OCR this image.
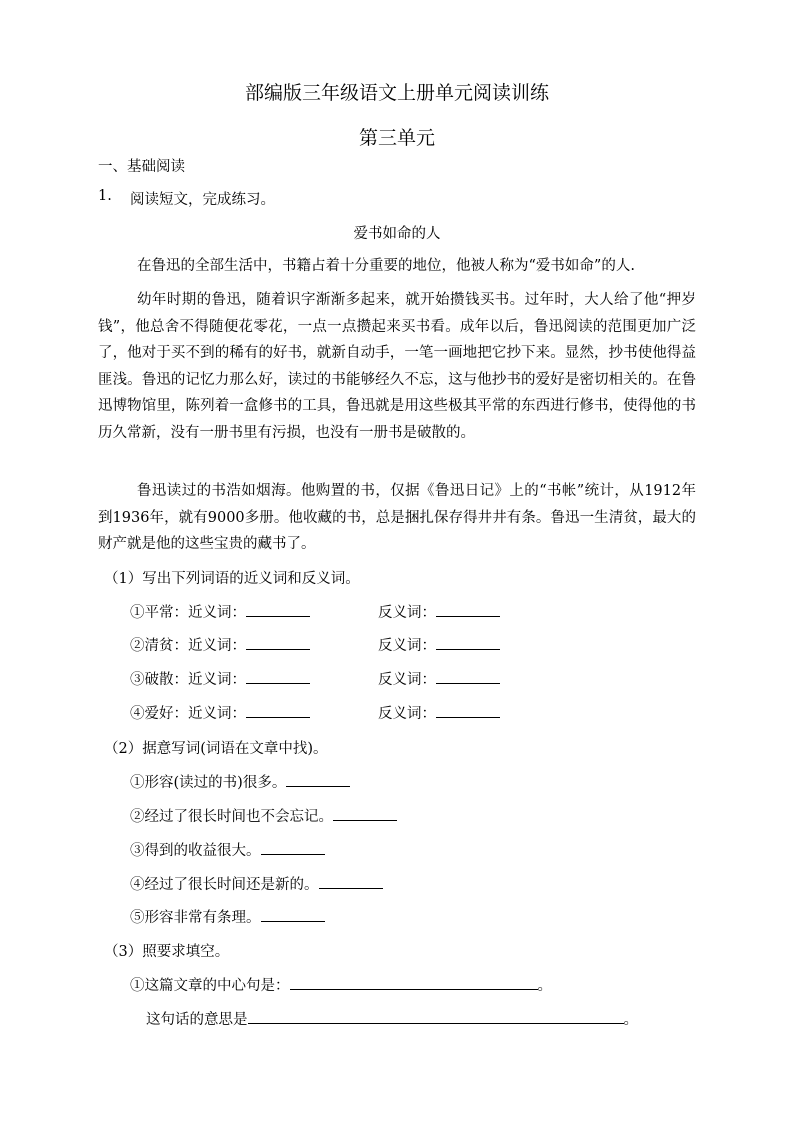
部编版三年级语文上册单元阅读训练
第三单元
一、基础阅读
1. 阅读短文，完成练习。
爱书如命的人
在鲁迅的全部生活中，书籍占着十分重要的地位，他被人称为“爱书如命”的人.
幼年时期的鲁迅，随着识字渐渐多起来，就开始攒钱买书。过年时，大人给了他“押岁钱”，他总舍不得随便花零花，一点一点攒起来买书看。成年以后，鲁迅阅读的范围更加广泛了，他对于买不到的稀有的好书，就新自动手，一笔一画地把它抄下来。显然，抄书使他得益匪浅。鲁迅的记忆力那么好，读过的书能够经久不忘，这与他抄书的爱好是密切相关的。在鲁迅博物馆里，陈列着一盒修书的工具，鲁迅就是用这些极其平常的东西进行修书，使得他的书历久常新，没有一册书里有污损，也没有一册书是破散的。
鲁迅读过的书浩如烟海。他购置的书，仅据《鲁迅日记》上的“书帐”统计，从1912年到1936年，就有9000多册。他收藏的书，总是捆扎保存得井井有条。鲁迅一生清贫，最大的财产就是他的这些宝贵的藏书了。
（1）写出下列词语的近义词和反义词。
①平常：近义词：	反义词：
②清贫：近义词：	反义词：
③破散：近义词：	反义词：
④爱好：近义词：	反义词：
（2）据意写词(词语在文章中找)。
①形容(读过的书)很多。
②经过了很长时间也不会忘记。
③得到的收益很大。
④经过了很长时间还是新的。
⑤形容非常有条理。
（3）照要求填空。
①这篇文章的中心句是：	。
这句话的意思是	。
